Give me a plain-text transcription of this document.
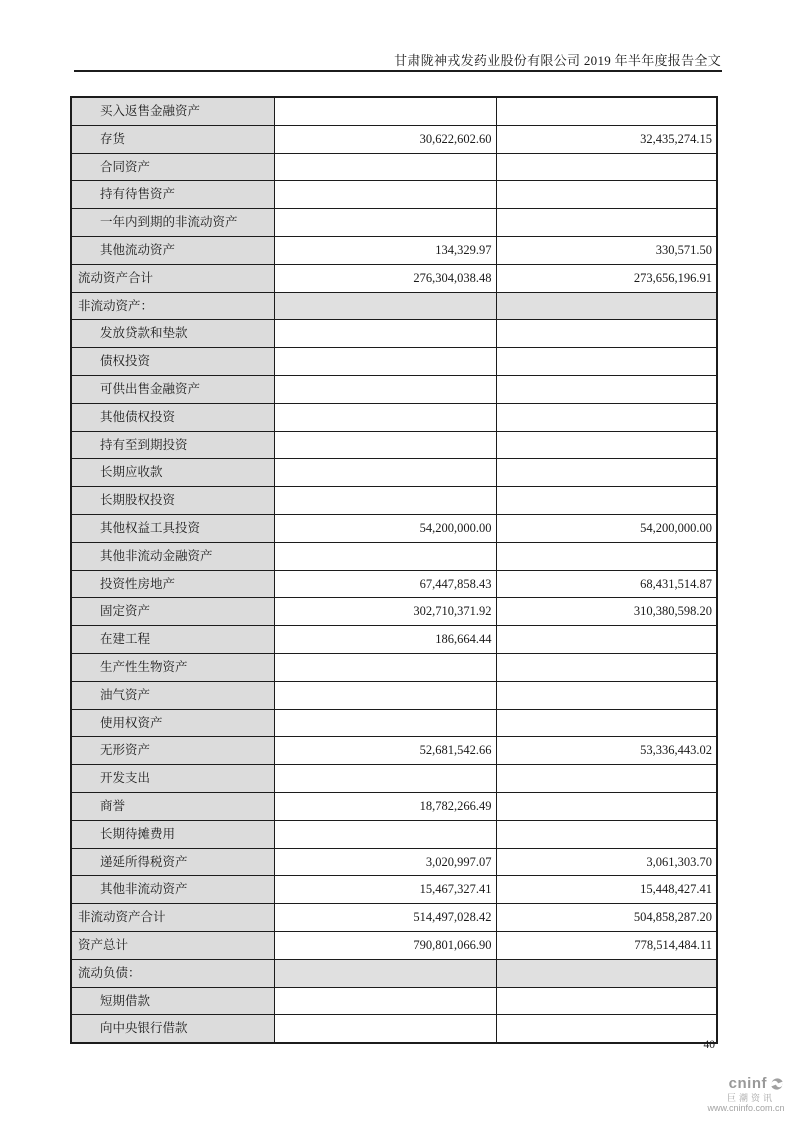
甘肃陇神戎发药业股份有限公司 2019 年半年度报告全文
买入返售金融资产		
存货	30,622,602.60	32,435,274.15
合同资产		
持有待售资产		
一年内到期的非流动资产		
其他流动资产	134,329.97	330,571.50
流动资产合计	276,304,038.48	273,656,196.91
非流动资产：		
发放贷款和垫款		
债权投资		
可供出售金融资产		
其他债权投资		
持有至到期投资		
长期应收款		
长期股权投资		
其他权益工具投资	54,200,000.00	54,200,000.00
其他非流动金融资产		
投资性房地产	67,447,858.43	68,431,514.87
固定资产	302,710,371.92	310,380,598.20
在建工程	186,664.44	
生产性生物资产		
油气资产		
使用权资产		
无形资产	52,681,542.66	53,336,443.02
开发支出		
商誉	18,782,266.49	
长期待摊费用		
递延所得税资产	3,020,997.07	3,061,303.70
其他非流动资产	15,467,327.41	15,448,427.41
非流动资产合计	514,497,028.42	504,858,287.20
资产总计	790,801,066.90	778,514,484.11
流动负债：		
短期借款		
向中央银行借款		
40
cninf
巨潮资讯
www.cninfo.com.cn
